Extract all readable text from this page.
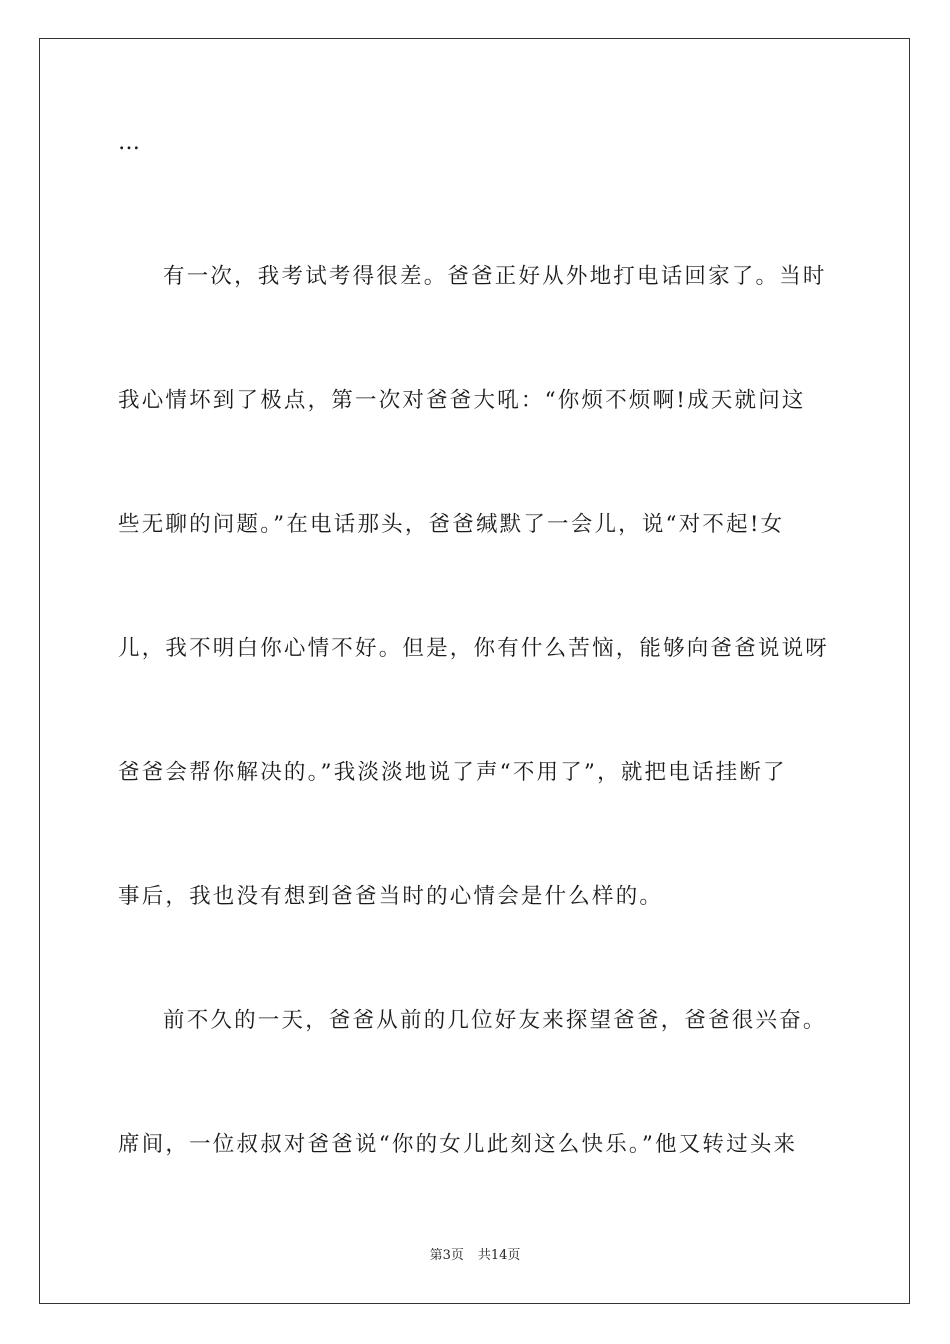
…
有一次，我考试考得很差。爸爸正好从外地打电话回家了。当时
我心情坏到了极点，第一次对爸爸大吼：“你烦不烦啊!成天就问这
些无聊的问题。”在电话那头，爸爸缄默了一会儿，说“对不起!女
儿，我不明白你心情不好。但是，你有什么苦恼，能够向爸爸说说呀
爸爸会帮你解决的。”我淡淡地说了声“不用了”，就把电话挂断了
事后，我也没有想到爸爸当时的心情会是什么样的。
前不久的一天，爸爸从前的几位好友来探望爸爸，爸爸很兴奋。
席间，一位叔叔对爸爸说“你的女儿此刻这么快乐。”他又转过头来
第3页 共14页
